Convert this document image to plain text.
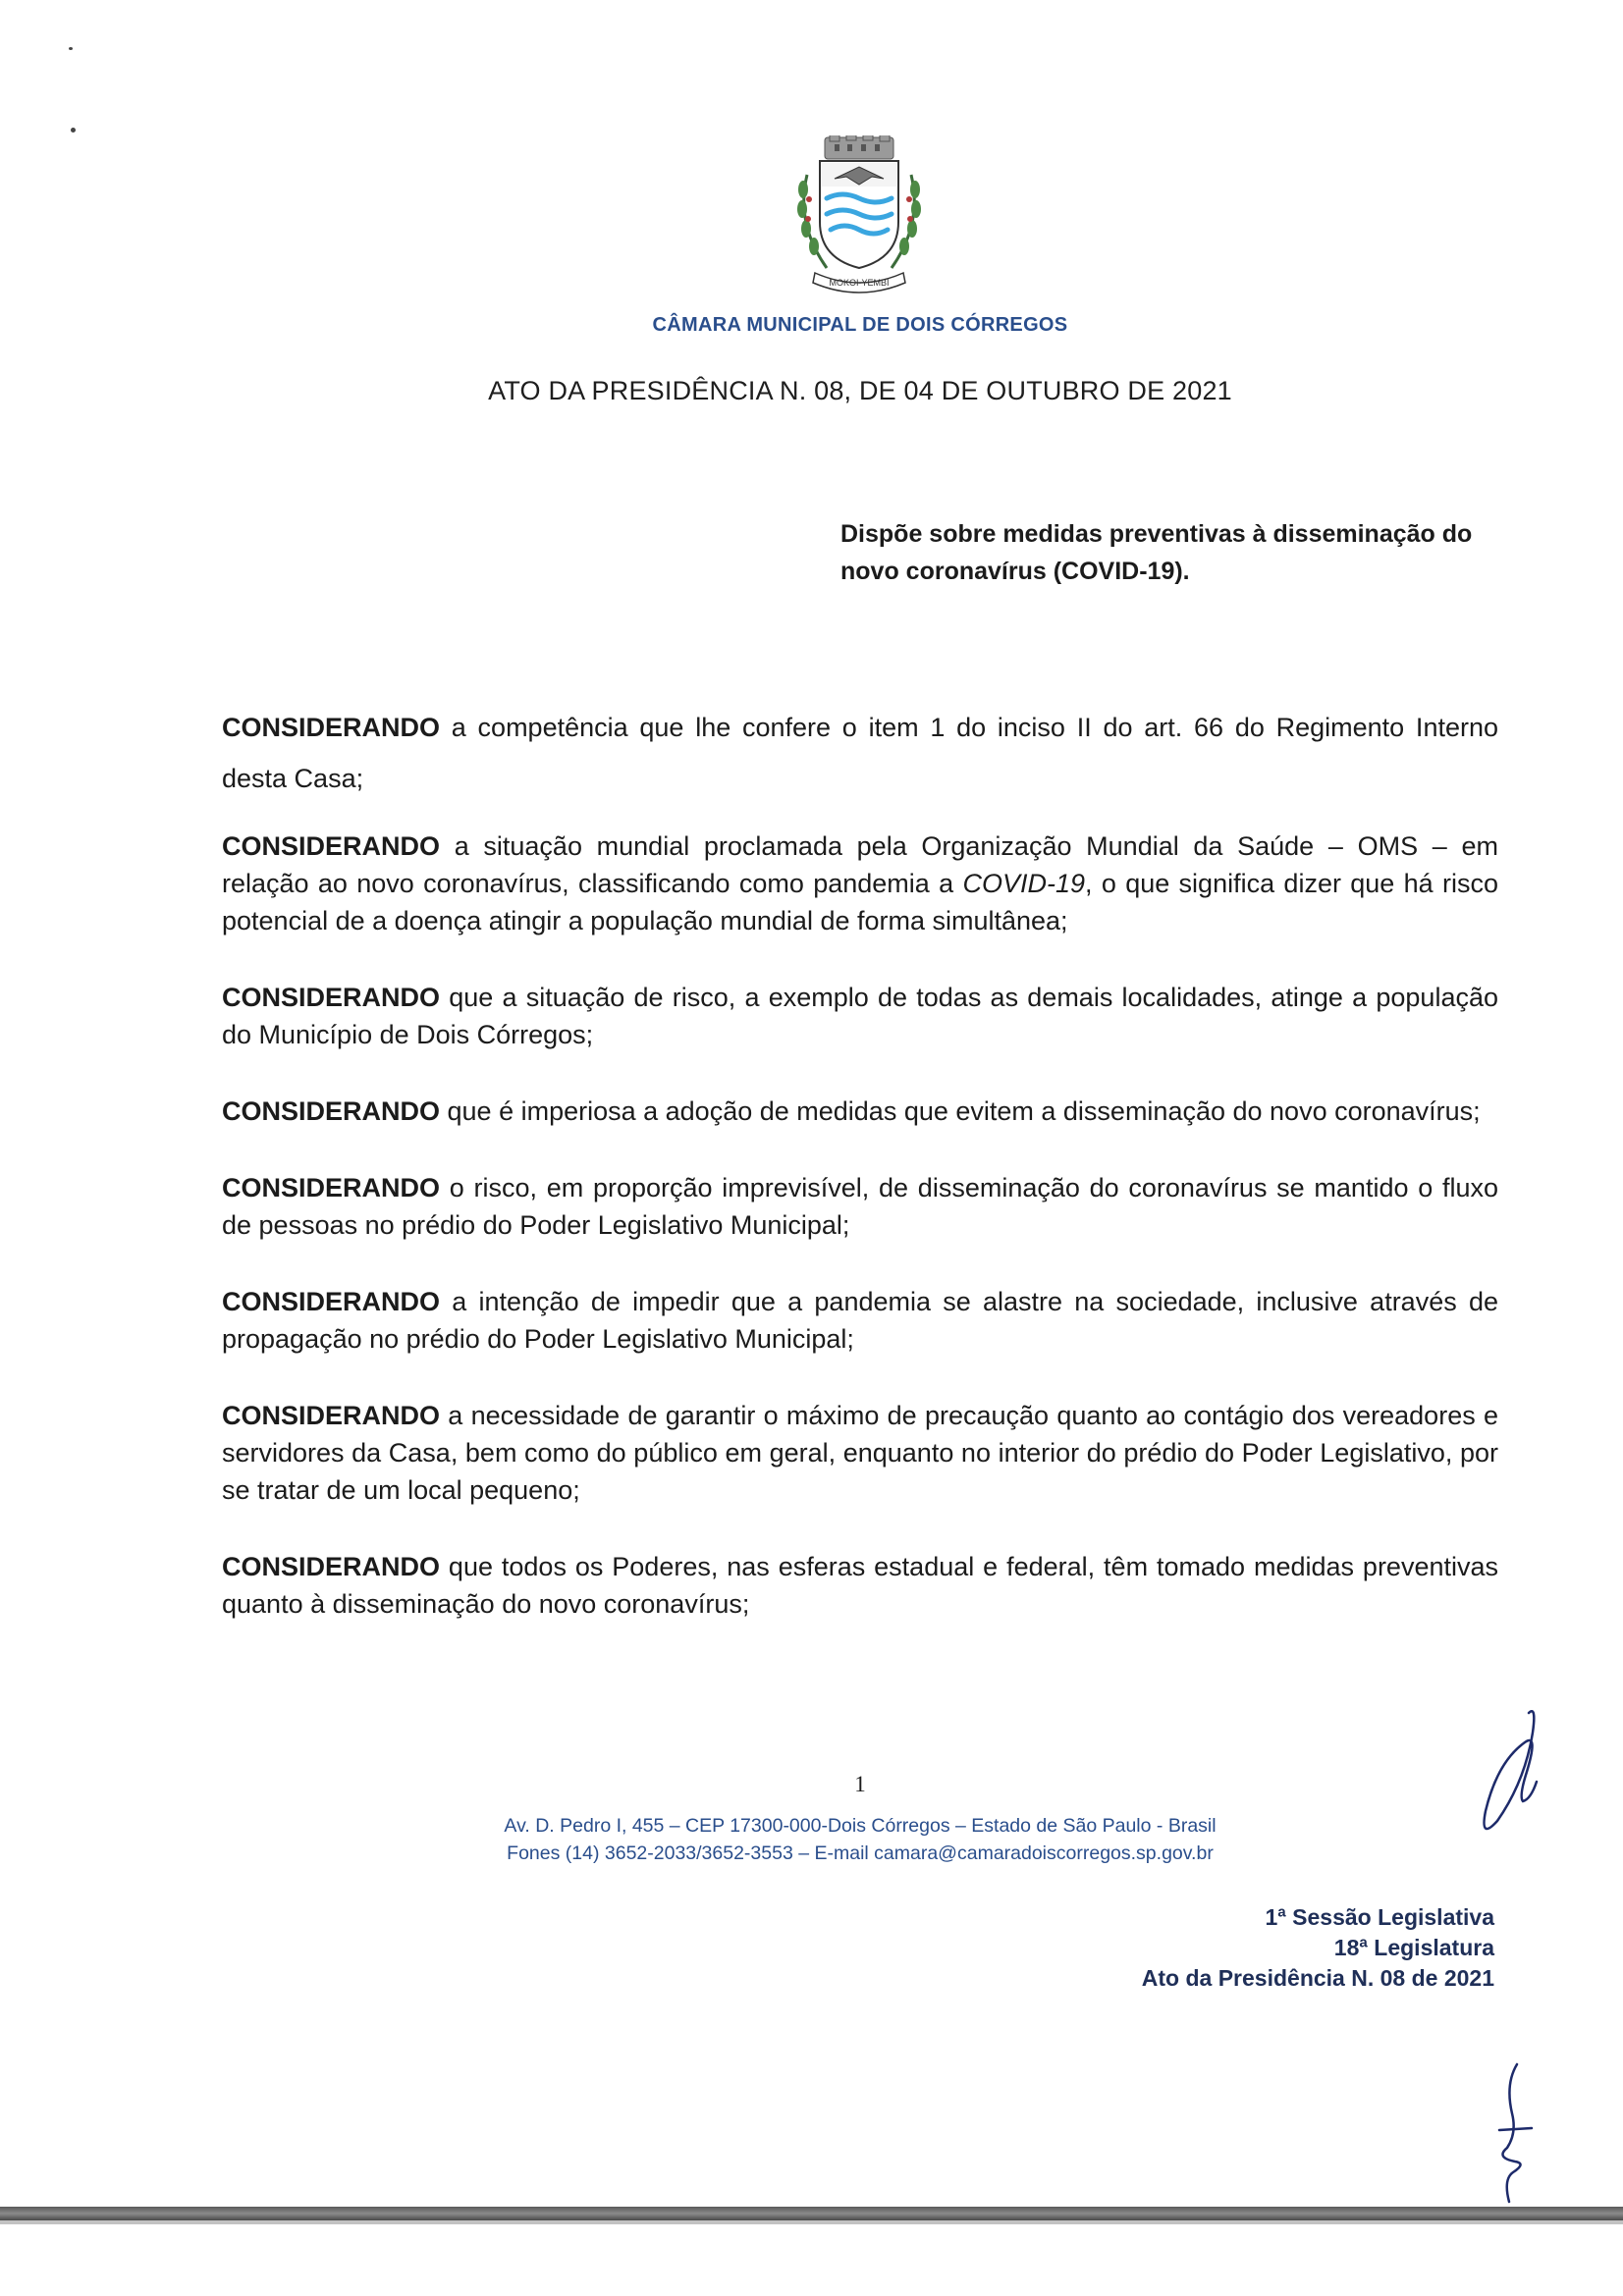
MOKOI-YEMBÍ
CÂMARA MUNICIPAL DE DOIS CÓRREGOS
ATO DA PRESIDÊNCIA N. 08, DE 04 DE OUTUBRO DE 2021
Dispõe sobre medidas preventivas à disseminação do novo coronavírus (COVID-19).

CONSIDERANDO a competência que lhe confere o item 1 do inciso II do art. 66 do Regimento Interno desta Casa;

CONSIDERANDO a situação mundial proclamada pela Organização Mundial da Saúde – OMS – em relação ao novo coronavírus, classificando como pandemia a COVID-19, o que significa dizer que há risco potencial de a doença atingir a população mundial de forma simultânea;

CONSIDERANDO que a situação de risco, a exemplo de todas as demais localidades, atinge a população do Município de Dois Córregos;

CONSIDERANDO que é imperiosa a adoção de medidas que evitem a disseminação do novo coronavírus;

CONSIDERANDO o risco, em proporção imprevisível, de disseminação do coronavírus se mantido o fluxo de pessoas no prédio do Poder Legislativo Municipal;

CONSIDERANDO a intenção de impedir que a pandemia se alastre na sociedade, inclusive através de propagação no prédio do Poder Legislativo Municipal;

CONSIDERANDO a necessidade de garantir o máximo de precaução quanto ao contágio dos vereadores e servidores da Casa, bem como do público em geral, enquanto no interior do prédio do Poder Legislativo, por se tratar de um local pequeno;

CONSIDERANDO que todos os Poderes, nas esferas estadual e federal, têm tomado medidas preventivas quanto à disseminação do novo coronavírus;

1
Av. D. Pedro I, 455 – CEP 17300-000-Dois Córregos – Estado de São Paulo - Brasil
Fones (14) 3652-2033/3652-3553 – E-mail camara@camaradoiscorregos.sp.gov.br
1ª Sessão Legislativa
18ª Legislatura
Ato da Presidência N. 08 de 2021
